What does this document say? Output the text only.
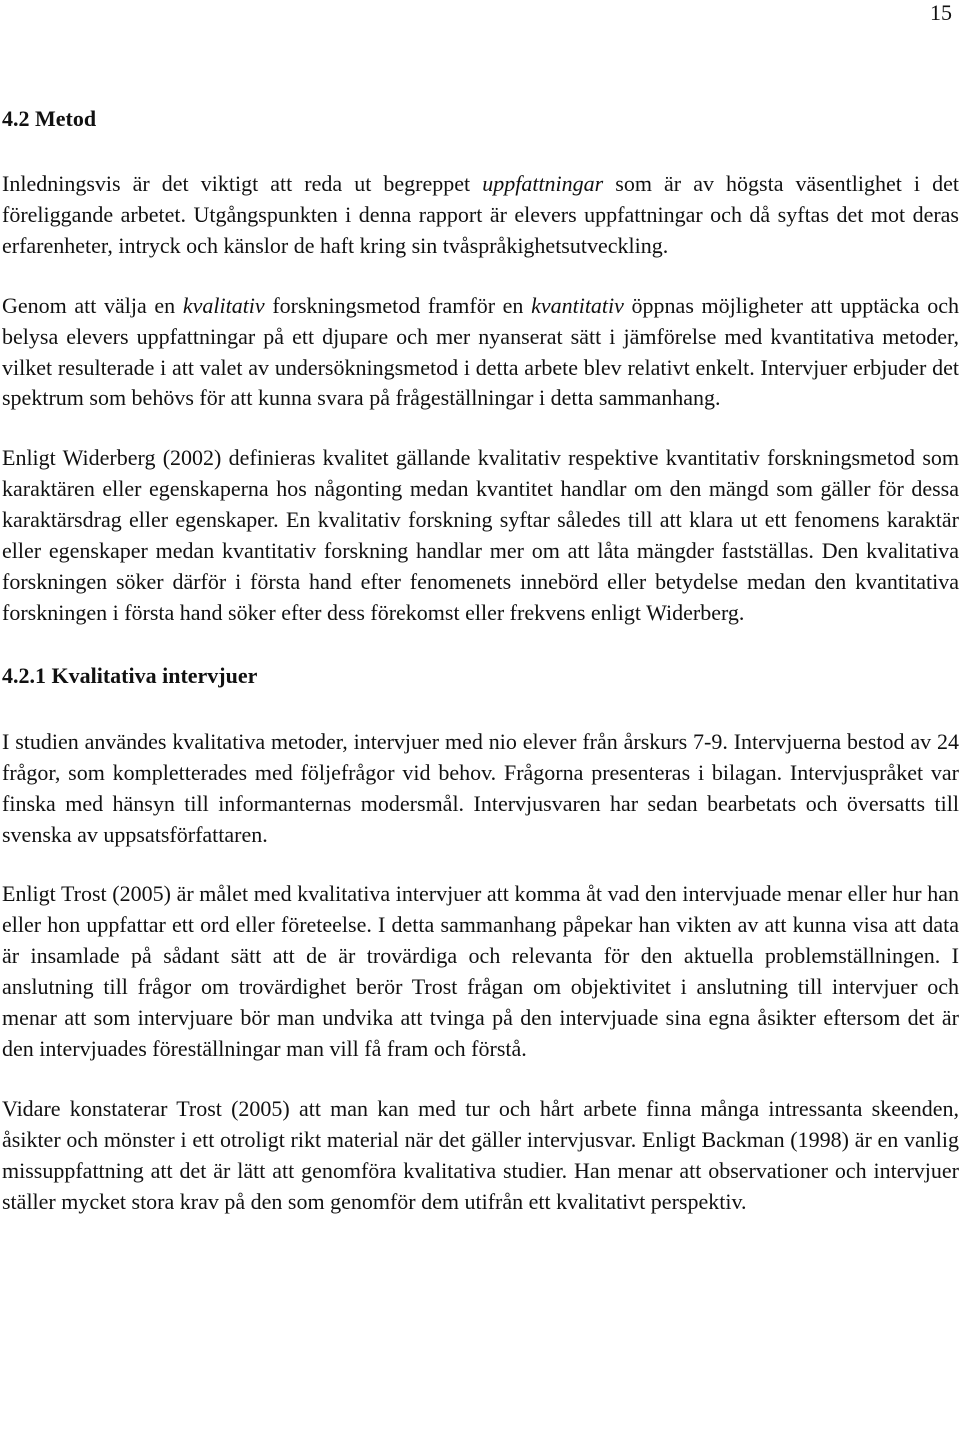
15
4.2 Metod

Inledningsvis är det viktigt att reda ut begreppet uppfattningar som är av högsta väsentlighet i det föreliggande arbetet. Utgångspunkten i denna rapport är elevers uppfattningar och då syftas det mot deras erfarenheter, intryck och känslor de haft kring sin tvåspråkighetsutveckling.

Genom att välja en kvalitativ forskningsmetod framför en kvantitativ öppnas möjligheter att upptäcka och belysa elevers uppfattningar på ett djupare och mer nyanserat sätt i jämförelse med kvantitativa metoder, vilket resulterade i att valet av undersökningsmetod i detta arbete blev relativt enkelt. Intervjuer erbjuder det spektrum som behövs för att kunna svara på frågeställningar i detta sammanhang.

Enligt Widerberg (2002) definieras kvalitet gällande kvalitativ respektive kvantitativ forskningsmetod som karaktären eller egenskaperna hos någonting medan kvantitet handlar om den mängd som gäller för dessa karaktärsdrag eller egenskaper. En kvalitativ forskning syftar således till att klara ut ett fenomens karaktär eller egenskaper medan kvantitativ forskning handlar mer om att låta mängder fastställas. Den kvalitativa forskningen söker därför i första hand efter fenomenets innebörd eller betydelse medan den kvantitativa forskningen i första hand söker efter dess förekomst eller frekvens enligt Widerberg.

4.2.1 Kvalitativa intervjuer

I studien användes kvalitativa metoder, intervjuer med nio elever från årskurs 7-9. Intervjuerna bestod av 24 frågor, som kompletterades med följefrågor vid behov. Frågorna presenteras i bilagan. Intervjuspråket var finska med hänsyn till informanternas modersmål. Intervjusvaren har sedan bearbetats och översatts till svenska av uppsatsförfattaren.

Enligt Trost (2005) är målet med kvalitativa intervjuer att komma åt vad den intervjuade menar eller hur han eller hon uppfattar ett ord eller företeelse. I detta sammanhang påpekar han vikten av att kunna visa att data är insamlade på sådant sätt att de är trovärdiga och relevanta för den aktuella problemställningen. I anslutning till frågor om trovärdighet berör Trost frågan om objektivitet i anslutning till intervjuer och menar att som intervjuare bör man undvika att tvinga på den intervjuade sina egna åsikter eftersom det är den intervjuades föreställningar man vill få fram och förstå.

Vidare konstaterar Trost (2005) att man kan med tur och hårt arbete finna många intressanta skeenden, åsikter och mönster i ett otroligt rikt material när det gäller intervjusvar. Enligt Backman (1998) är en vanlig missuppfattning att det är lätt att genomföra kvalitativa studier. Han menar att observationer och intervjuer ställer mycket stora krav på den som genomför dem utifrån ett kvalitativt perspektiv.
